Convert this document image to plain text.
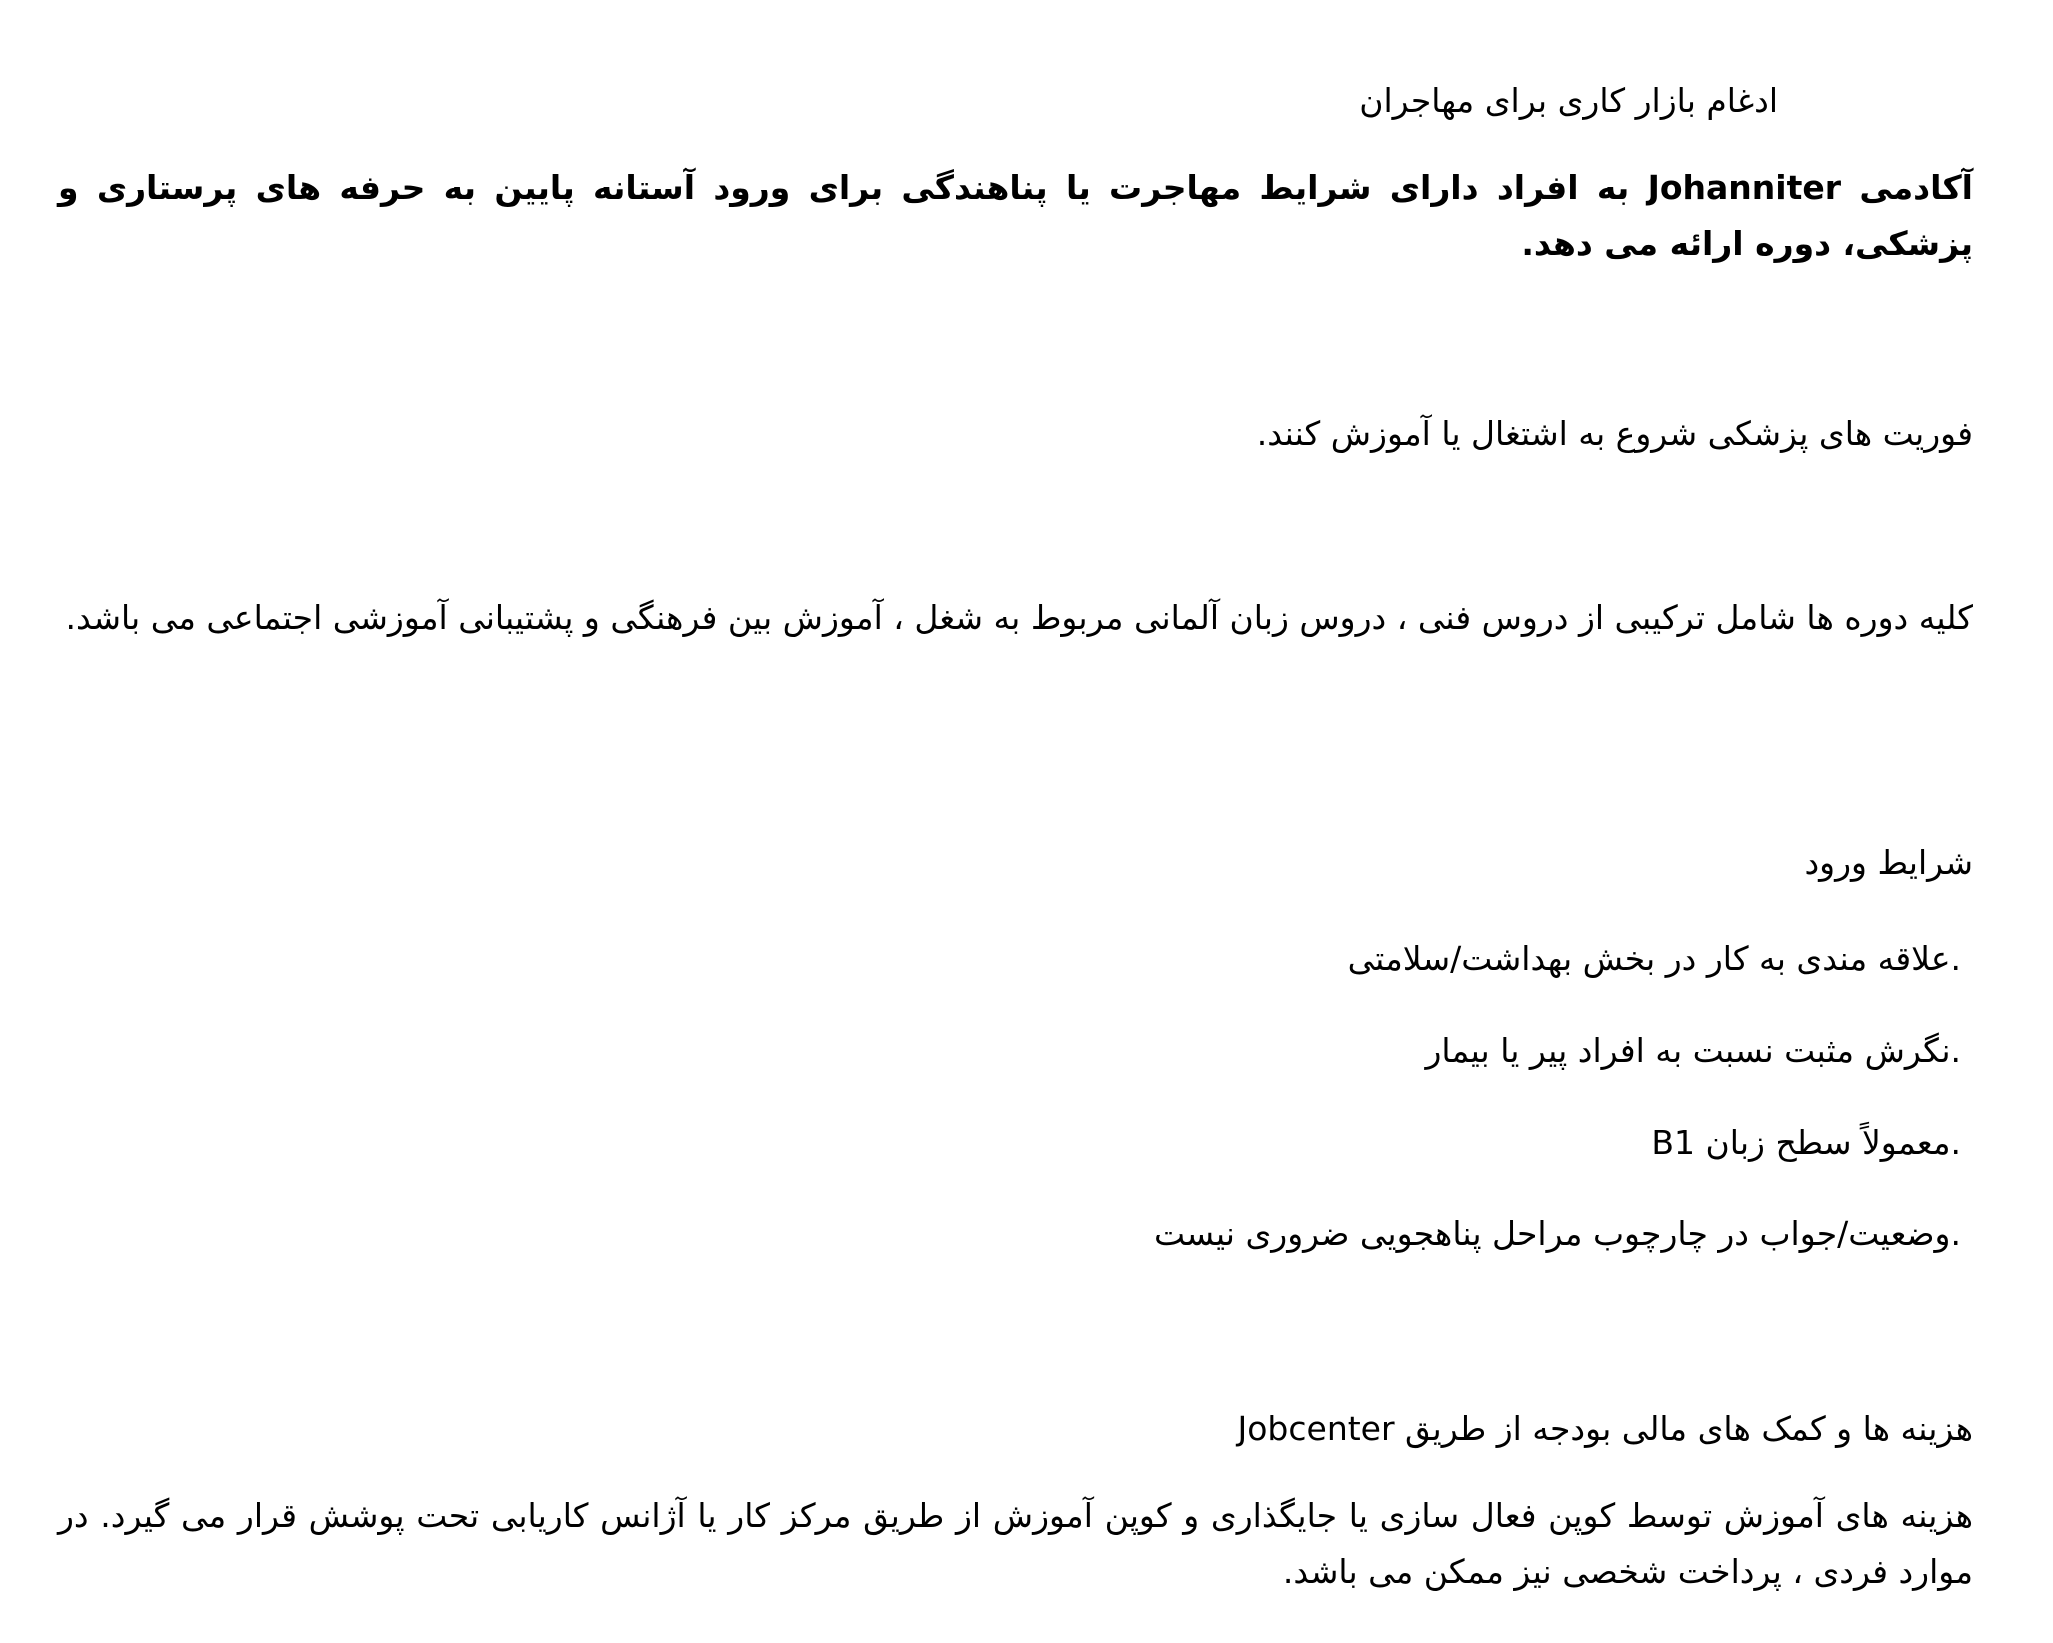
ادغام بازار کاری برای مهاجران

آکادمی Johanniter به افراد دارای شرایط مهاجرت یا پناهندگی برای ورود آستانه پایین به حرفه های پرستاری و پزشکی، دوره ارائه می دهد.

فوریت های پزشکی شروع به اشتغال یا آموزش کنند.

کلیه دوره ها شامل ترکیبی از دروس فنی ، دروس زبان آلمانی مربوط به شغل ، آموزش بین فرهنگی و پشتیبانی آموزشی اجتماعی می باشد.

شرایط ورود

.علاقه مندی به کار در بخش بهداشت/سلامتی

.نگرش مثبت نسبت به افراد پیر یا بیمار

.معمولاً سطح زبان B1

.وضعیت/جواب در چارچوب مراحل پناهجویی ضروری نیست

هزینه ها و کمک های مالی بودجه از طریق Jobcenter

هزینه های آموزش توسط کوپن فعال سازی یا جایگذاری و کوپن آموزش از طریق مرکز کار یا آژانس کاریابی تحت پوشش قرار می گیرد. در موارد فردی ، پرداخت شخصی نیز ممکن می باشد.
